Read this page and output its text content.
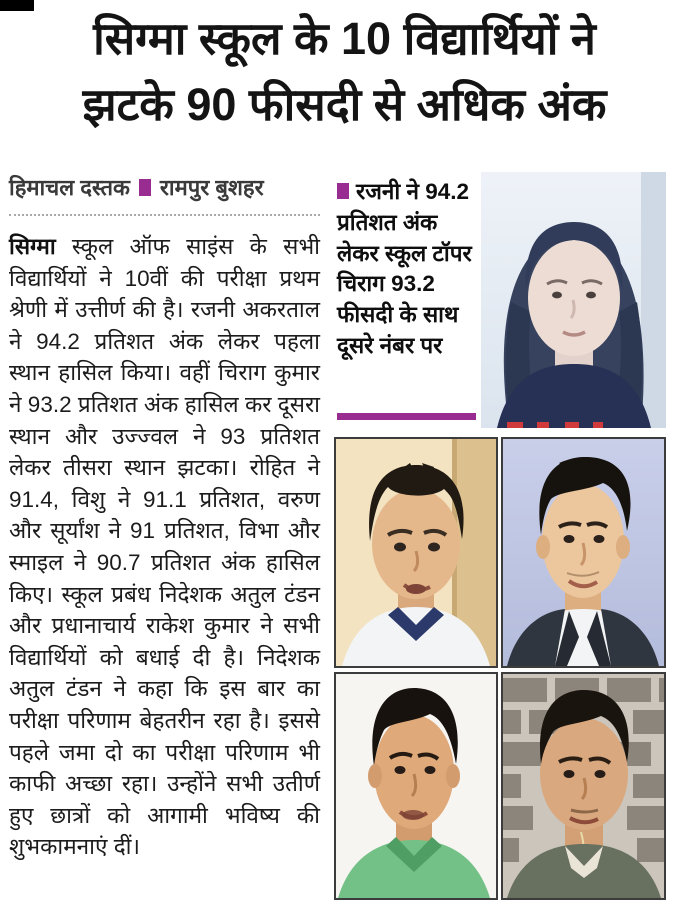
सिग्मा स्कूल के 10 विद्यार्थियों ने
झटके 90 फीसदी से अधिक अंक
हिमाचल दस्तक रामपुर बुशहर
सिग्मा स्कूल ऑफ साइंस के सभी विद्यार्थियों ने 10वीं की परीक्षा प्रथम श्रेणी में उत्तीर्ण की है। रजनी अकरताल ने 94.2 प्रतिशत अंक लेकर पहला स्थान हासिल किया। वहीं चिराग कुमार ने 93.2 प्रतिशत अंक हासिल कर दूसरा स्थान और उज्ज्वल ने 93 प्रतिशत लेकर तीसरा स्थान झटका। रोहित ने 91.4, विशु ने 91.1 प्रतिशत, वरुण और सूर्यांश ने 91 प्रतिशत, विभा और स्माइल ने 90.7 प्रतिशत अंक हासिल किए। स्कूल प्रबंध निदेशक अतुल टंडन और प्रधानाचार्य राकेश कुमार ने सभी विद्यार्थियों को बधाई दी है। निदेशक अतुल टंडन ने कहा कि इस बार का परीक्षा परिणाम बेहतरीन रहा है। इससे पहले जमा दो का परीक्षा परिणाम भी काफी अच्छा रहा। उन्होंने सभी उतीर्ण हुए छात्रों को आगामी भविष्य की शुभकामनाएं दीं।
रजनी ने 94.2 प्रतिशत अंक लेकर स्कूल टॉपर चिराग 93.2 फीसदी के साथ दूसरे नंबर पर
